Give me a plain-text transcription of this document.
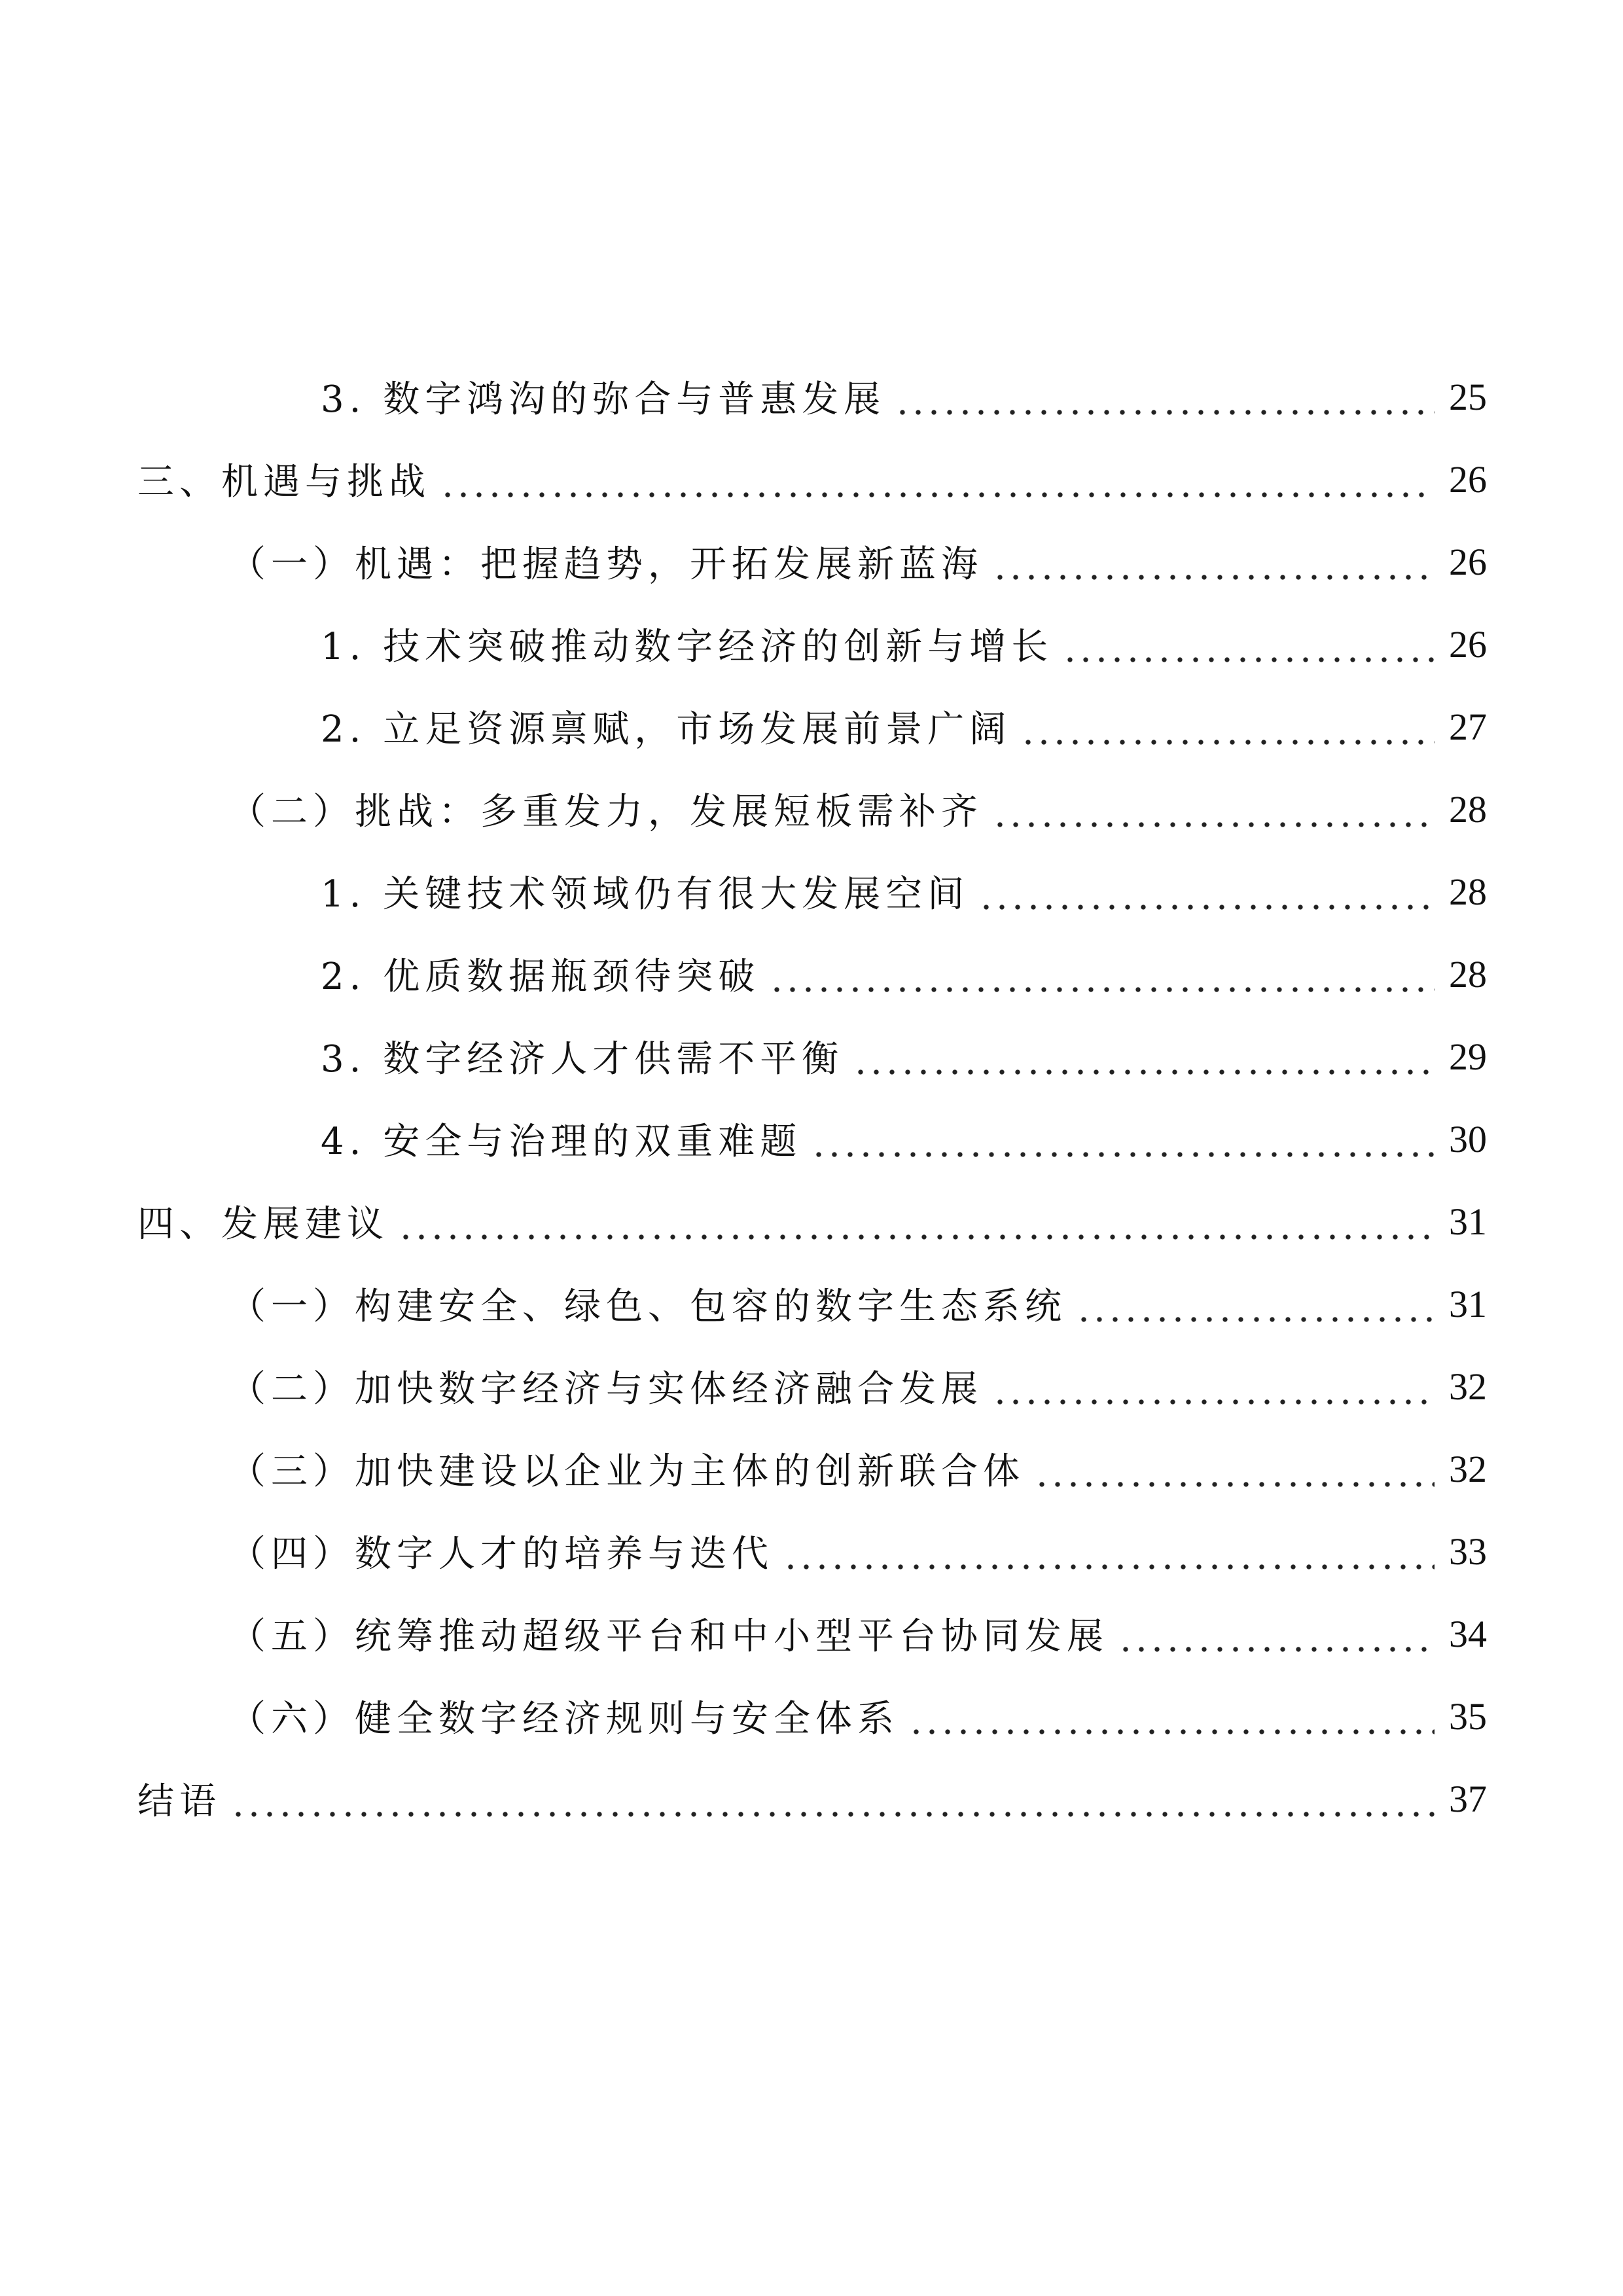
3. 数字鸿沟的弥合与普惠发展	25
三、机遇与挑战	26
（一）机遇：把握趋势，开拓发展新蓝海	26
1. 技术突破推动数字经济的创新与增长	26
2. 立足资源禀赋，市场发展前景广阔	27
（二）挑战：多重发力，发展短板需补齐	28
1. 关键技术领域仍有很大发展空间	28
2. 优质数据瓶颈待突破	28
3. 数字经济人才供需不平衡	29
4. 安全与治理的双重难题	30
四、发展建议	31
（一）构建安全、绿色、包容的数字生态系统	31
（二）加快数字经济与实体经济融合发展	32
（三）加快建设以企业为主体的创新联合体	32
（四）数字人才的培养与迭代	33
（五）统筹推动超级平台和中小型平台协同发展	34
（六）健全数字经济规则与安全体系	35
结语	37
